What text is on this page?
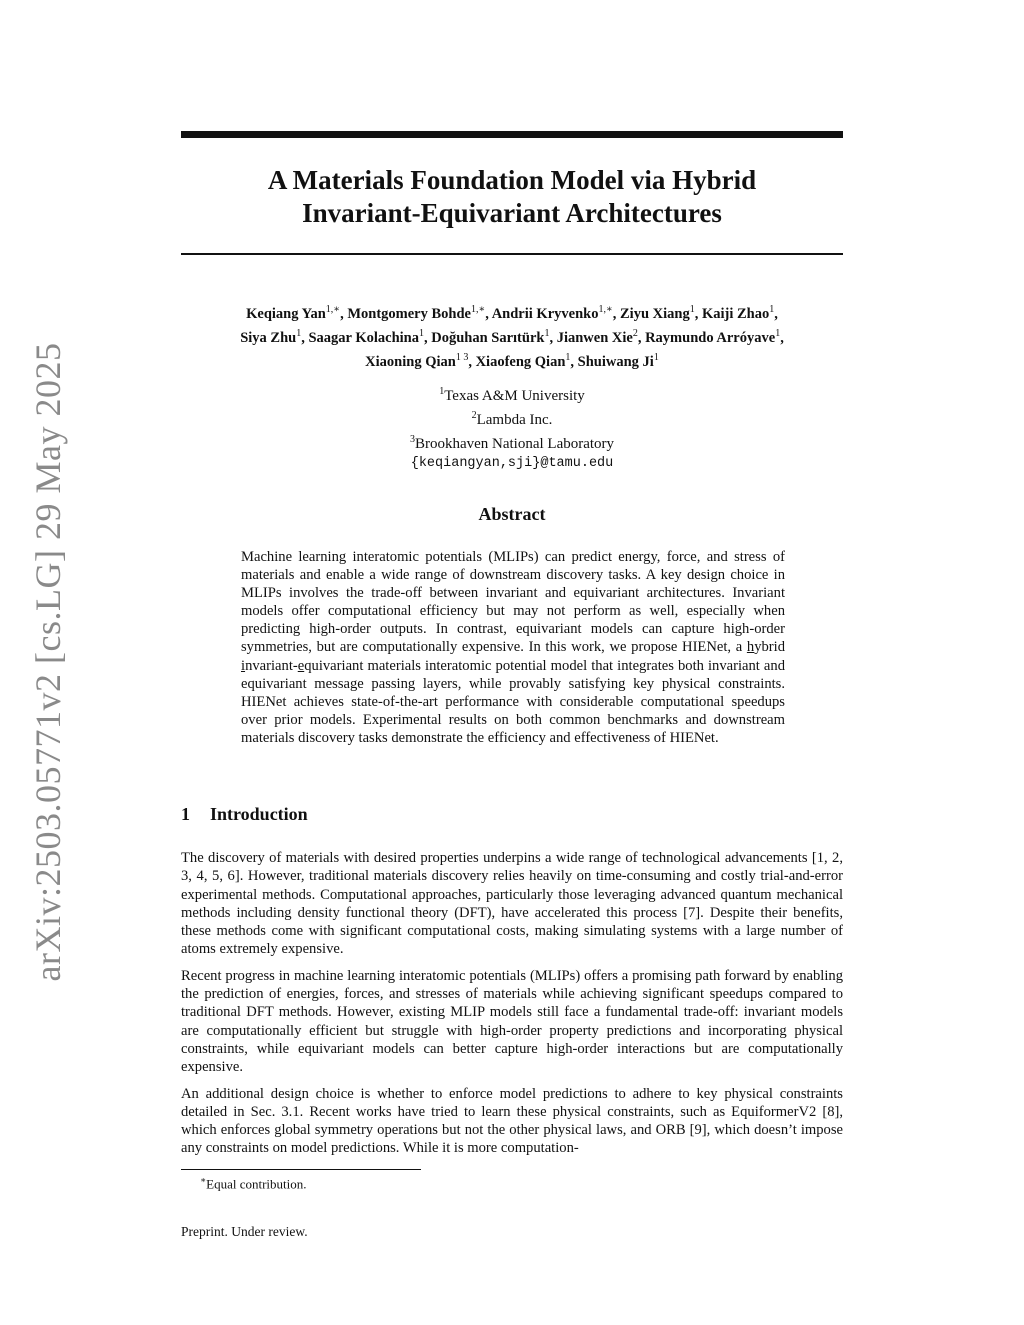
arXiv:2503.05771v2 [cs.LG] 29 May 2025
A Materials Foundation Model via Hybrid
Invariant-Equivariant Architectures
Keqiang Yan$^{1,∗}$, Montgomery Bohde$^{1,∗}$, Andrii Kryvenko$^{1,∗}$, Ziyu Xiang$^1$, Kaiji Zhao$^1$,
Siya Zhu$^1$, Saagar Kolachina$^1$, Doğuhan Sarıtürk$^1$, Jianwen Xie$^2$, Raymundo Arróyave$^1$,
Xiaoning Qian$^{1 3}$, Xiaofeng Qian$^1$, Shuiwang Ji$^1$
$^1$Texas A&M University
$^2$Lambda Inc.
$^3$Brookhaven National Laboratory
{keqiangyan,sji}@tamu.edu
Abstract
Machine learning interatomic potentials (MLIPs) can predict energy, force, and stress of materials and enable a wide range of downstream discovery tasks. A key design choice in MLIPs involves the trade-off between invariant and equivariant architectures. Invariant models offer computational efficiency but may not perform as well, especially when predicting high-order outputs. In contrast, equivariant models can capture high-order symmetries, but are computationally expensive. In this work, we propose HIENet, a hybrid invariant-equivariant materials interatomic potential model that integrates both invariant and equivariant message passing layers, while provably satisfying key physical constraints. HIENet achieves state-of-the-art performance with considerable computational speedups over prior models. Experimental results on both common benchmarks and downstream materials discovery tasks demonstrate the efficiency and effectiveness of HIENet.
1 Introduction

The discovery of materials with desired properties underpins a wide range of technological advancements [1, 2, 3, 4, 5, 6]. However, traditional materials discovery relies heavily on time-consuming and costly trial-and-error experimental methods. Computational approaches, particularly those leveraging advanced quantum mechanical methods including density functional theory (DFT), have accelerated this process [7]. Despite their benefits, these methods come with significant computational costs, making simulating systems with a large number of atoms extremely expensive.

Recent progress in machine learning interatomic potentials (MLIPs) offers a promising path forward by enabling the prediction of energies, forces, and stresses of materials while achieving significant speedups compared to traditional DFT methods. However, existing MLIP models still face a fundamental trade-off: invariant models are computationally efficient but struggle with high-order property predictions and incorporating physical constraints, while equivariant models can better capture high-order interactions but are computationally expensive.

An additional design choice is whether to enforce model predictions to adhere to key physical constraints detailed in Sec. 3.1. Recent works have tried to learn these physical constraints, such as EquiformerV2 [8], which enforces global symmetry operations but not the other physical laws, and ORB [9], which doesn’t impose any constraints on model predictions. While it is more computation-

∗Equal contribution.
Preprint. Under review.
